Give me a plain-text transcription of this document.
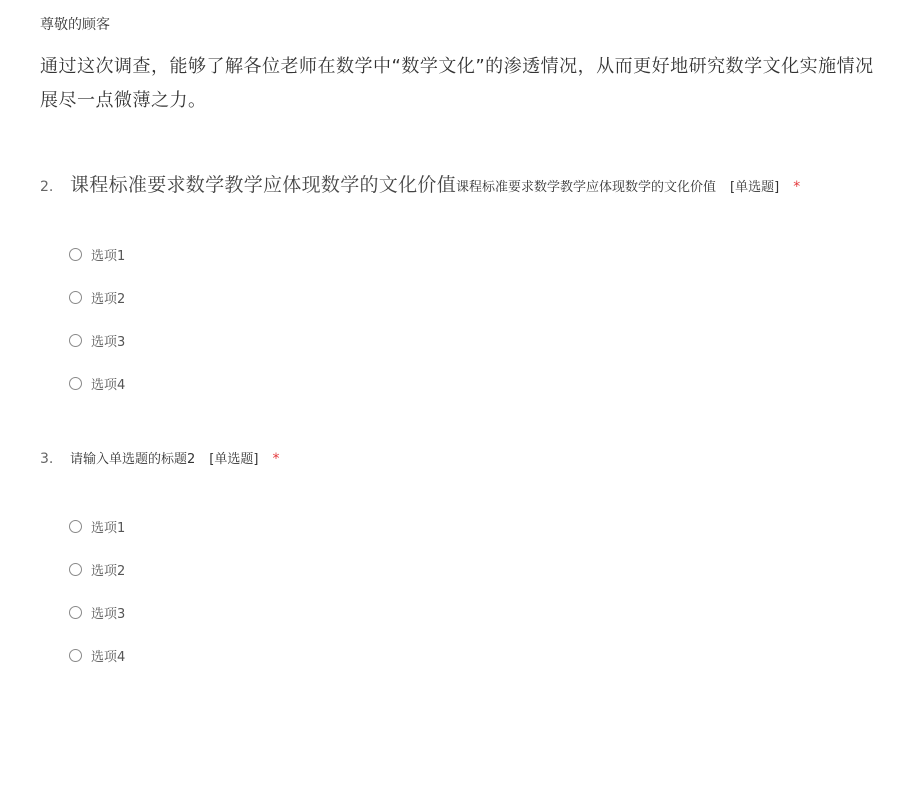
尊敬的顾客
通过这次调查，能够了解各位老师在数学中“数学文化”的渗透情况，从而更好地研究数学文化实施情况
展尽一点微薄之力。
2. 课程标准要求数学教学应体现数学的文化价值 课程标准要求数学教学应体现数学的文化价值 [单选题] *
选项1
选项2
选项3
选项4
3.	请输入单选题的标题2 [单选题] *
选项1
选项2
选项3
选项4
